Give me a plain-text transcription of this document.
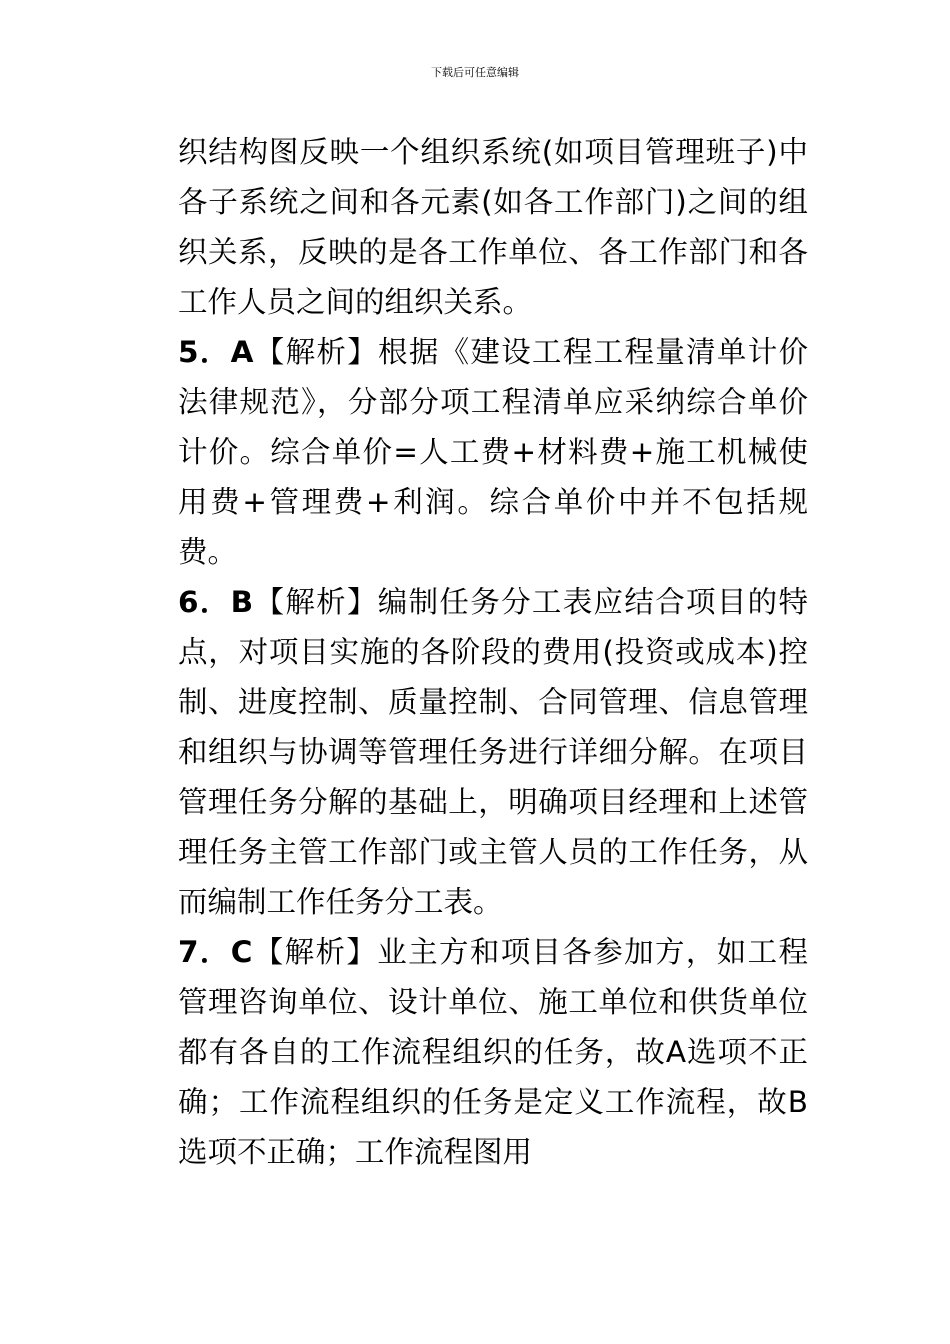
下载后可任意编辑

织结构图反映一个组织系统(如项目管理班子)中各子系统之间和各元素(如各工作部门)之间的组织关系，反映的是各工作单位、各工作部门和各工作人员之间的组织关系。

5．A【解析】根据《建设工程工程量清单计价法律规范》，分部分项工程清单应采纳综合单价计价。综合单价=人工费+材料费+施工机械使用费+管理费+利润。综合单价中并不包括规费。

6．B【解析】编制任务分工表应结合项目的特点，对项目实施的各阶段的费用(投资或成本)控制、进度控制、质量控制、合同管理、信息管理和组织与协调等管理任务进行详细分解。在项目管理任务分解的基础上，明确项目经理和上述管理任务主管工作部门或主管人员的工作任务，从而编制工作任务分工表。

7．C【解析】业主方和项目各参加方，如工程管理咨询单位、设计单位、施工单位和供货单位都有各自的工作流程组织的任务，故A选项不正确；工作流程组织的任务是定义工作流程，故B选项不正确；工作流程图用
